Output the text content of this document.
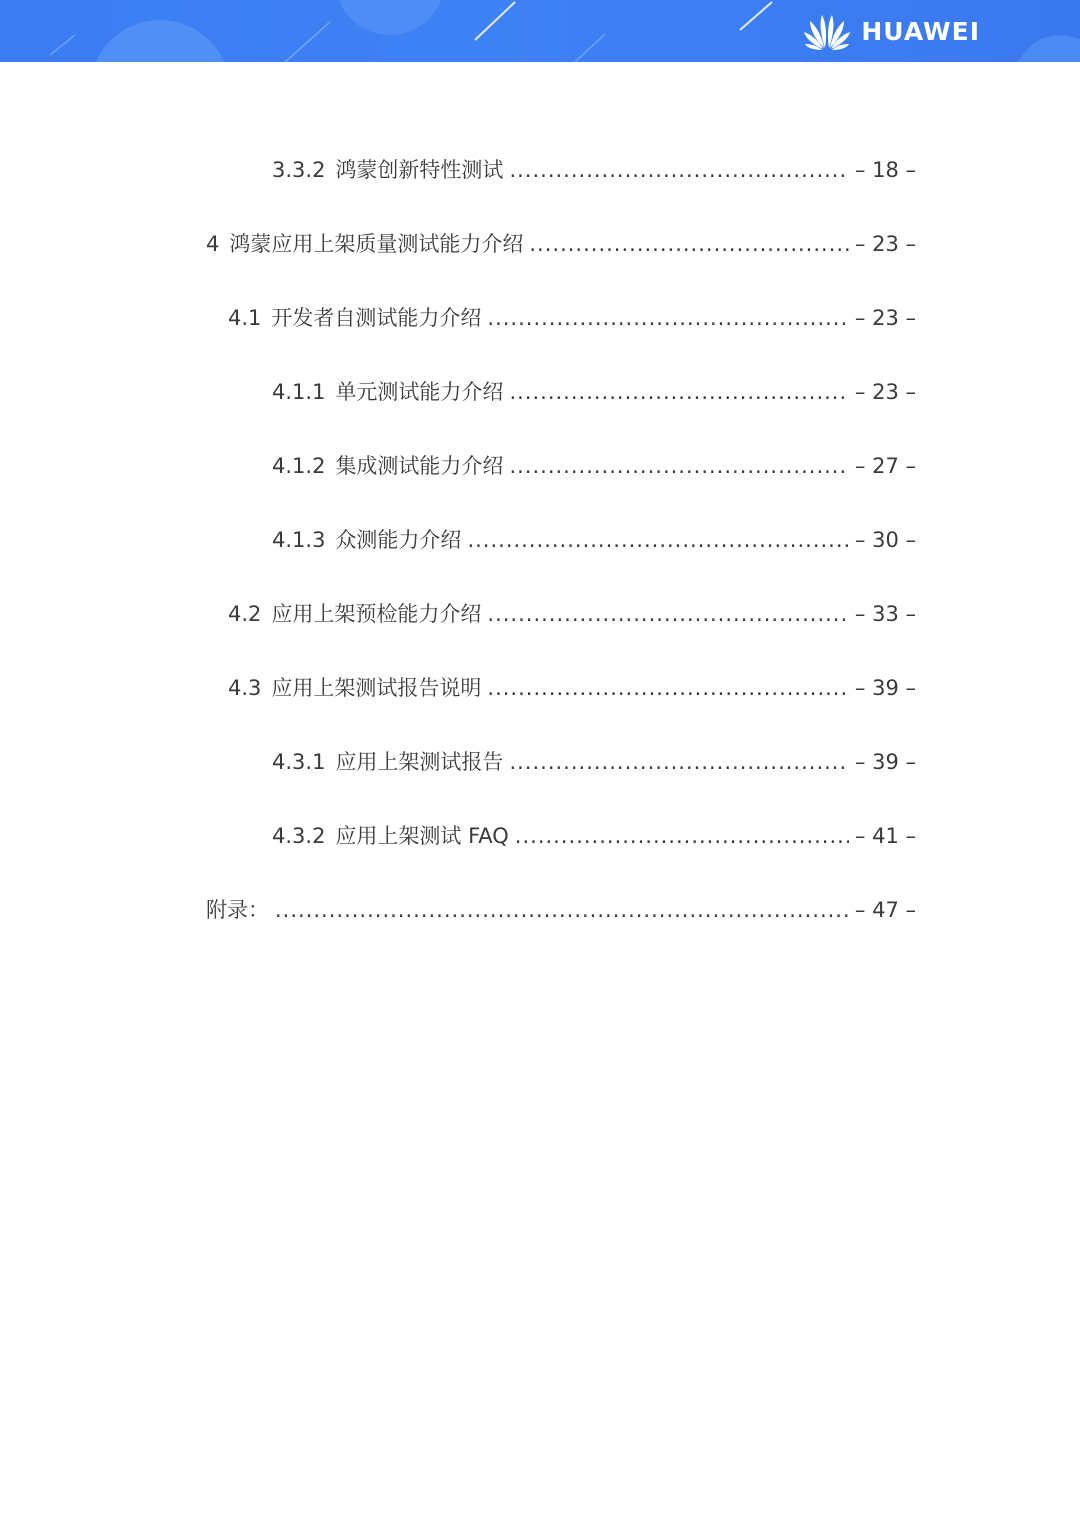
HUAWEI
3.3.2 鸿蒙创新特性测试 .....	– 18 –
4 鸿蒙应用上架质量测试能力介绍 .....	– 23 –
4.1 开发者自测试能力介绍 .....	– 23 –
4.1.1 单元测试能力介绍 .....	– 23 –
4.1.2 集成测试能力介绍 .....	– 27 –
4.1.3 众测能力介绍 .....	– 30 –
4.2 应用上架预检能力介绍 .....	– 33 –
4.3 应用上架测试报告说明 .....	– 39 –
4.3.1 应用上架测试报告 .....	– 39 –
4.3.2 应用上架测试 FAQ .....	– 41 –
附录： .....	– 47 –
